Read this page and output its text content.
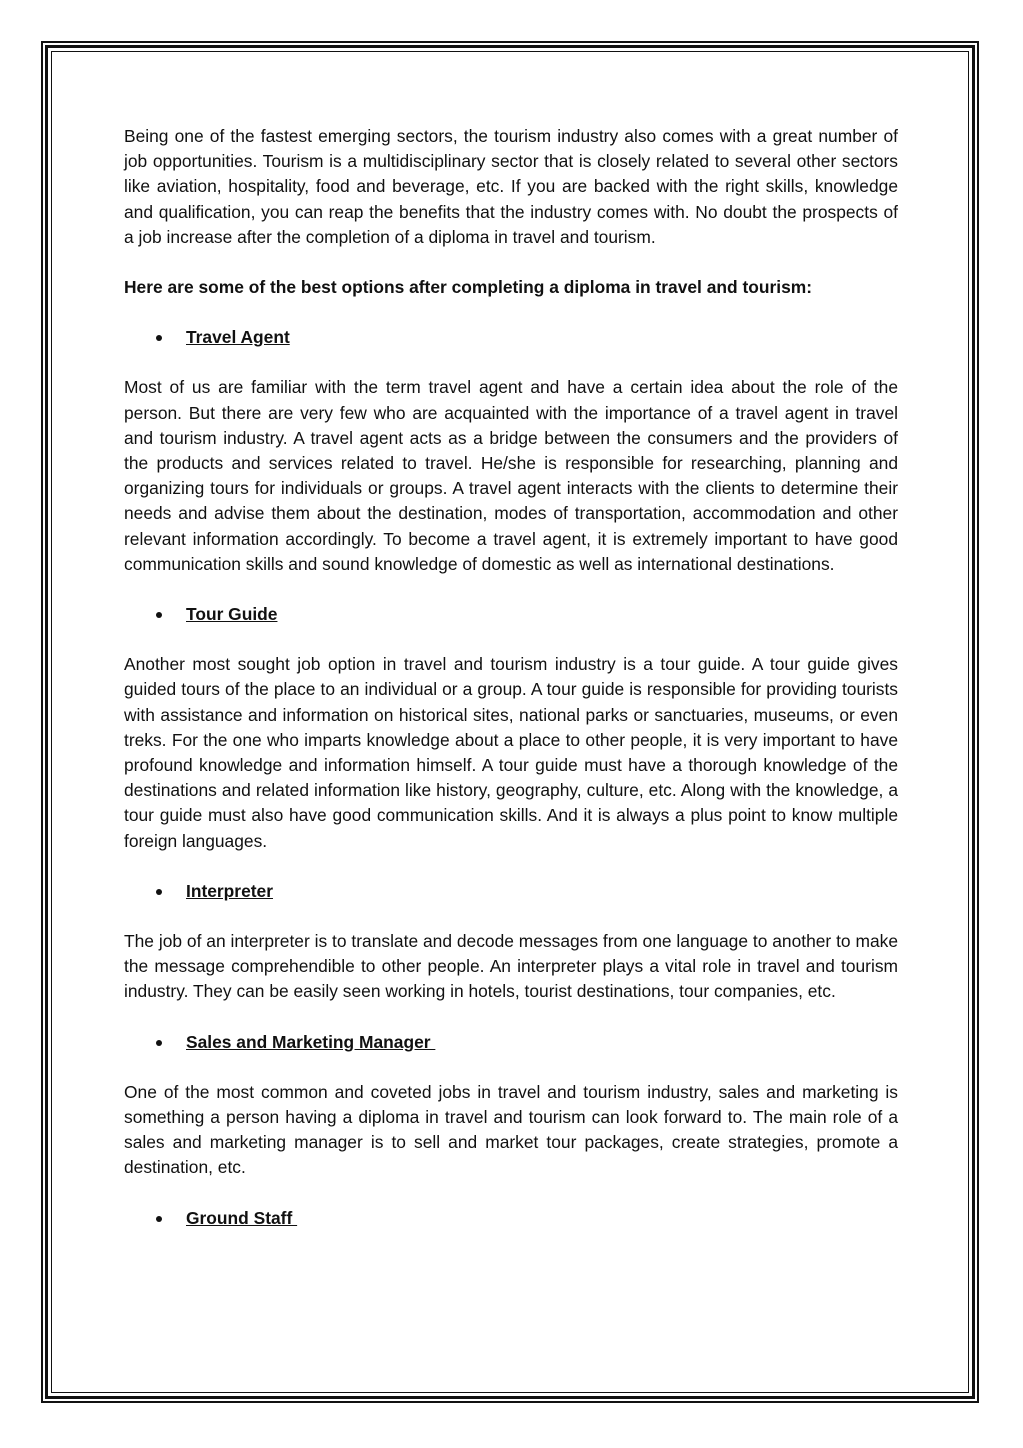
Being one of the fastest emerging sectors, the tourism industry also comes with a great number of job opportunities. Tourism is a multidisciplinary sector that is closely related to several other sectors like aviation, hospitality, food and beverage, etc. If you are backed with the right skills, knowledge and qualification, you can reap the benefits that the industry comes with. No doubt the prospects of a job increase after the completion of a diploma in travel and tourism.

Here are some of the best options after completing a diploma in travel and tourism:

Travel Agent

Most of us are familiar with the term travel agent and have a certain idea about the role of the person. But there are very few who are acquainted with the importance of a travel agent in travel and tourism industry. A travel agent acts as a bridge between the consumers and the providers of the products and services related to travel. He/she is responsible for researching, planning and organizing tours for individuals or groups. A travel agent interacts with the clients to determine their needs and advise them about the destination, modes of transportation, accommodation and other relevant information accordingly. To become a travel agent, it is extremely important to have good communication skills and sound knowledge of domestic as well as international destinations.

Tour Guide

Another most sought job option in travel and tourism industry is a tour guide. A tour guide gives guided tours of the place to an individual or a group. A tour guide is responsible for providing tourists with assistance and information on historical sites, national parks or sanctuaries, museums, or even treks. For the one who imparts knowledge about a place to other people, it is very important to have profound knowledge and information himself. A tour guide must have a thorough knowledge of the destinations and related information like history, geography, culture, etc. Along with the knowledge, a tour guide must also have good communication skills. And it is always a plus point to know multiple foreign languages.

Interpreter

The job of an interpreter is to translate and decode messages from one language to another to make the message comprehendible to other people. An interpreter plays a vital role in travel and tourism industry. They can be easily seen working in hotels, tourist destinations, tour companies, etc.

Sales and Marketing Manager

One of the most common and coveted jobs in travel and tourism industry, sales and marketing is something a person having a diploma in travel and tourism can look forward to. The main role of a sales and marketing manager is to sell and market tour packages, create strategies, promote a destination, etc.

Ground Staff
